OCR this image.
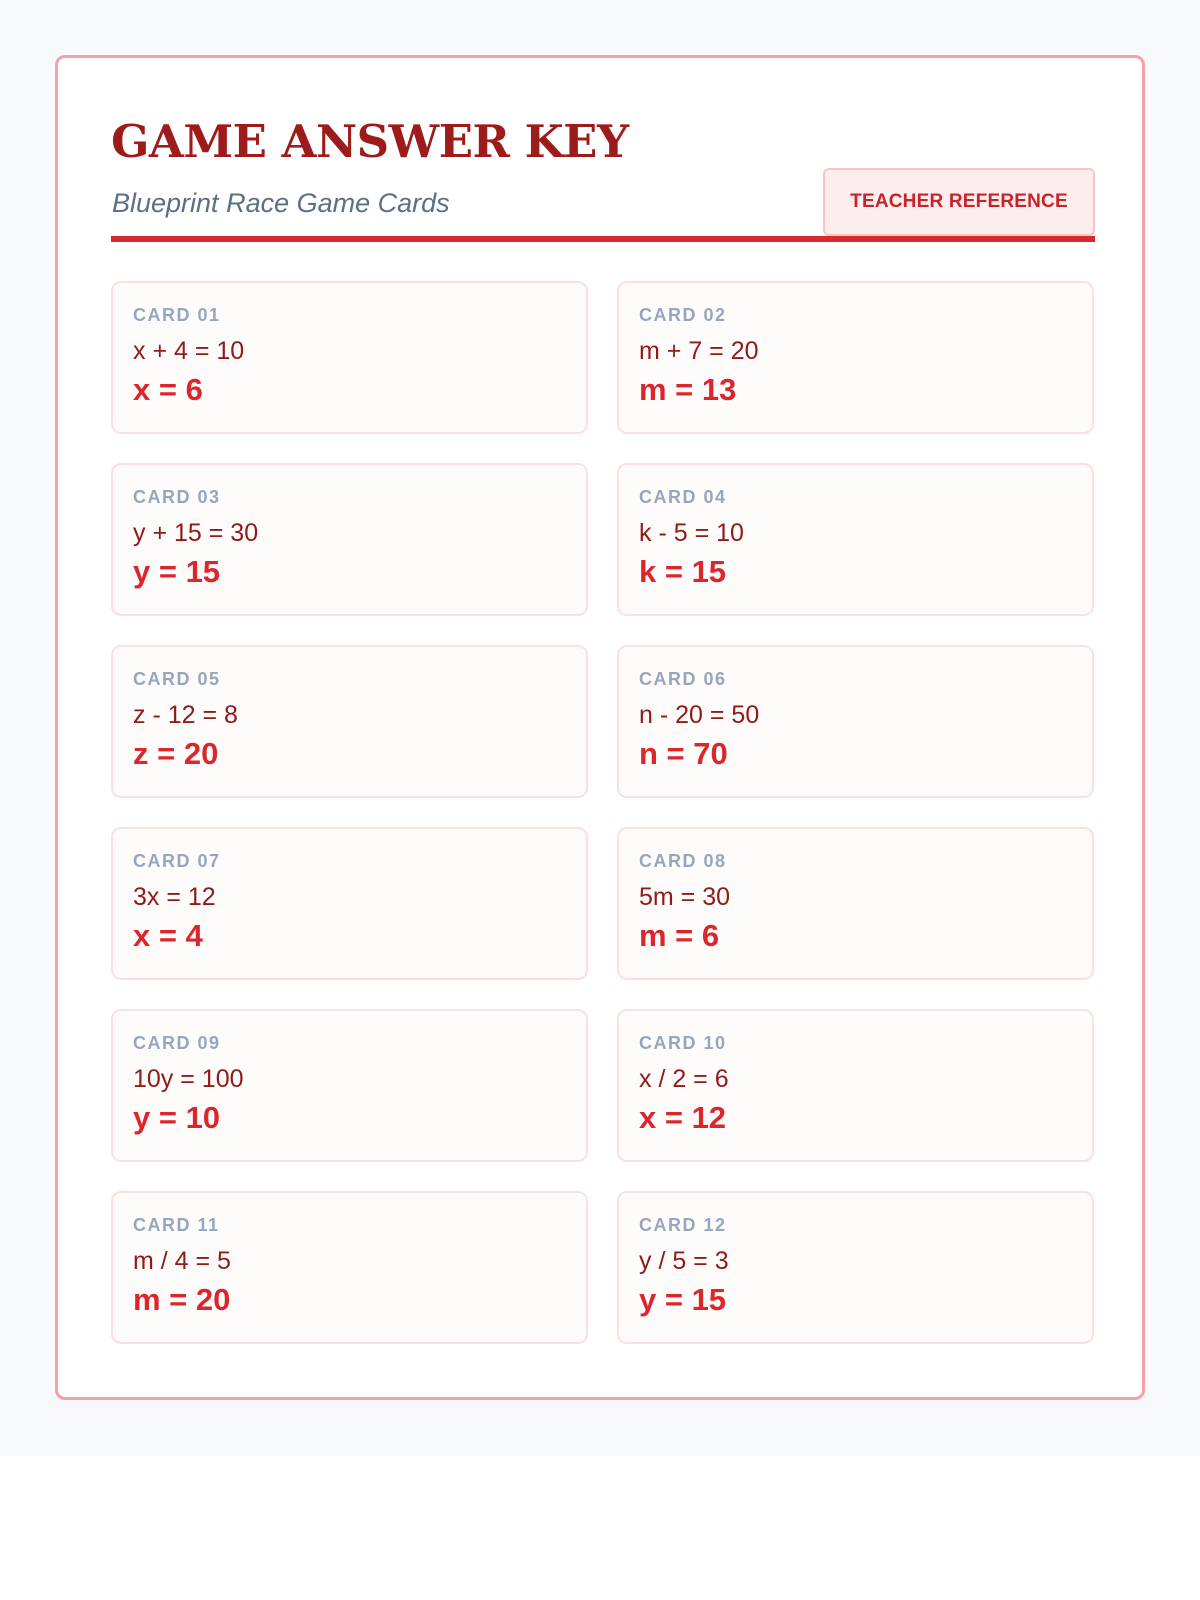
GAME ANSWER KEY

Blueprint Race Game Cards	TEACHER REFERENCE
CARD 01
x + 4 = 10
x = 6
CARD 02
m + 7 = 20
m = 13
CARD 03
y + 15 = 30
y = 15
CARD 04
k - 5 = 10
k = 15
CARD 05
z - 12 = 8
z = 20
CARD 06
n - 20 = 50
n = 70
CARD 07
3x = 12
x = 4
CARD 08
5m = 30
m = 6
CARD 09
10y = 100
y = 10
CARD 10
x / 2 = 6
x = 12
CARD 11
m / 4 = 5
m = 20
CARD 12
y / 5 = 3
y = 15
